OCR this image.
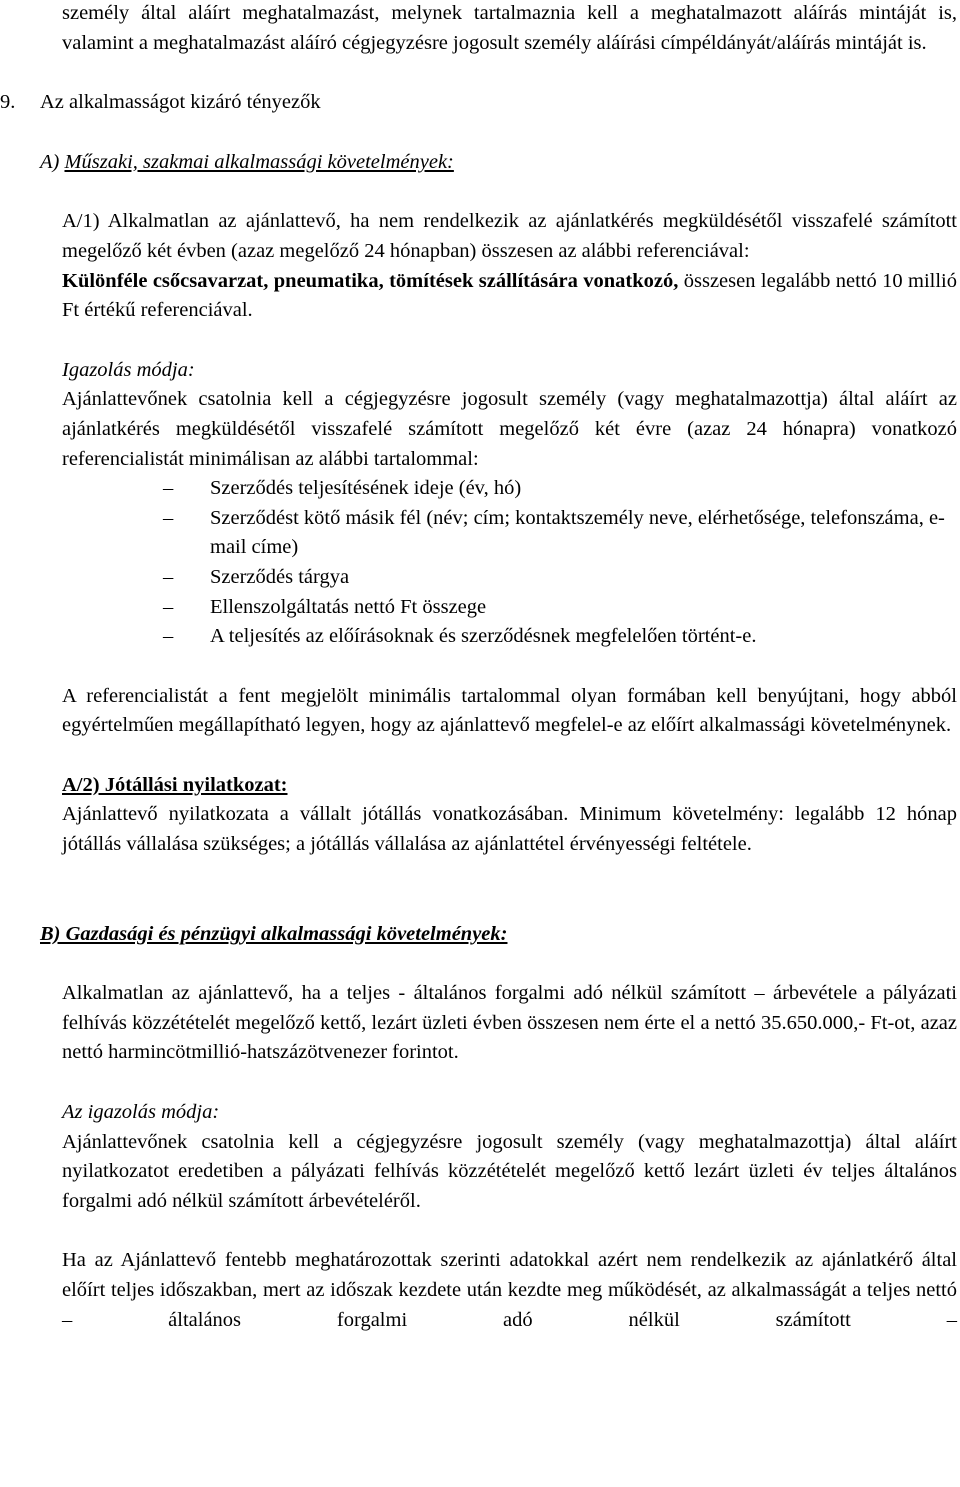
személy által aláírt meghatalmazást, melynek tartalmaznia kell a meghatalmazott aláírás mintáját is, valamint a meghatalmazást aláíró cégjegyzésre jogosult személy aláírási címpéldányát/aláírás mintáját is.

9. Az alkalmasságot kizáró tényezők

A) Műszaki, szakmai alkalmassági követelmények:

A/1) Alkalmatlan az ajánlattevő, ha nem rendelkezik az ajánlatkérés megküldésétől visszafelé számított megelőző két évben (azaz megelőző 24 hónapban) összesen az alábbi referenciával:

Különféle csőcsavarzat, pneumatika, tömítések szállítására vonatkozó, összesen legalább nettó 10 millió Ft értékű referenciával.

Igazolás módja:

Ajánlattevőnek csatolnia kell a cégjegyzésre jogosult személy (vagy meghatalmazottja) által aláírt az ajánlatkérés megküldésétől visszafelé számított megelőző két évre (azaz 24 hónapra) vonatkozó referencialistát minimálisan az alábbi tartalommal:

– Szerződés teljesítésének ideje (év, hó)
– Szerződést kötő másik fél (név; cím; kontaktszemély neve, elérhetősége, telefonszáma, e-mail címe)
– Szerződés tárgya
– Ellenszolgáltatás nettó Ft összege
– A teljesítés az előírásoknak és szerződésnek megfelelően történt-e.

A referencialistát a fent megjelölt minimális tartalommal olyan formában kell benyújtani, hogy abból egyértelműen megállapítható legyen, hogy az ajánlattevő megfelel-e az előírt alkalmassági követelménynek.

A/2) Jótállási nyilatkozat:

Ajánlattevő nyilatkozata a vállalt jótállás vonatkozásában. Minimum követelmény: legalább 12 hónap jótállás vállalása szükséges; a jótállás vállalása az ajánlattétel érvényességi feltétele.

B) Gazdasági és pénzügyi alkalmassági követelmények:

Alkalmatlan az ajánlattevő, ha a teljes - általános forgalmi adó nélkül számított – árbevétele a pályázati felhívás közzétételét megelőző kettő, lezárt üzleti évben összesen nem érte el a nettó 35.650.000,- Ft-ot, azaz nettó harmincötmillió-hatszázötvenezer forintot.

Az igazolás módja:

Ajánlattevőnek csatolnia kell a cégjegyzésre jogosult személy (vagy meghatalmazottja) által aláírt nyilatkozatot eredetiben a pályázati felhívás közzétételét megelőző kettő lezárt üzleti év teljes általános forgalmi adó nélkül számított árbevételéről.

Ha az Ajánlattevő fentebb meghatározottak szerinti adatokkal azért nem rendelkezik az ajánlatkérő által előírt teljes időszakban, mert az időszak kezdete után kezdte meg működését, az alkalmasságát a teljes nettó – általános forgalmi adó nélkül számított –
